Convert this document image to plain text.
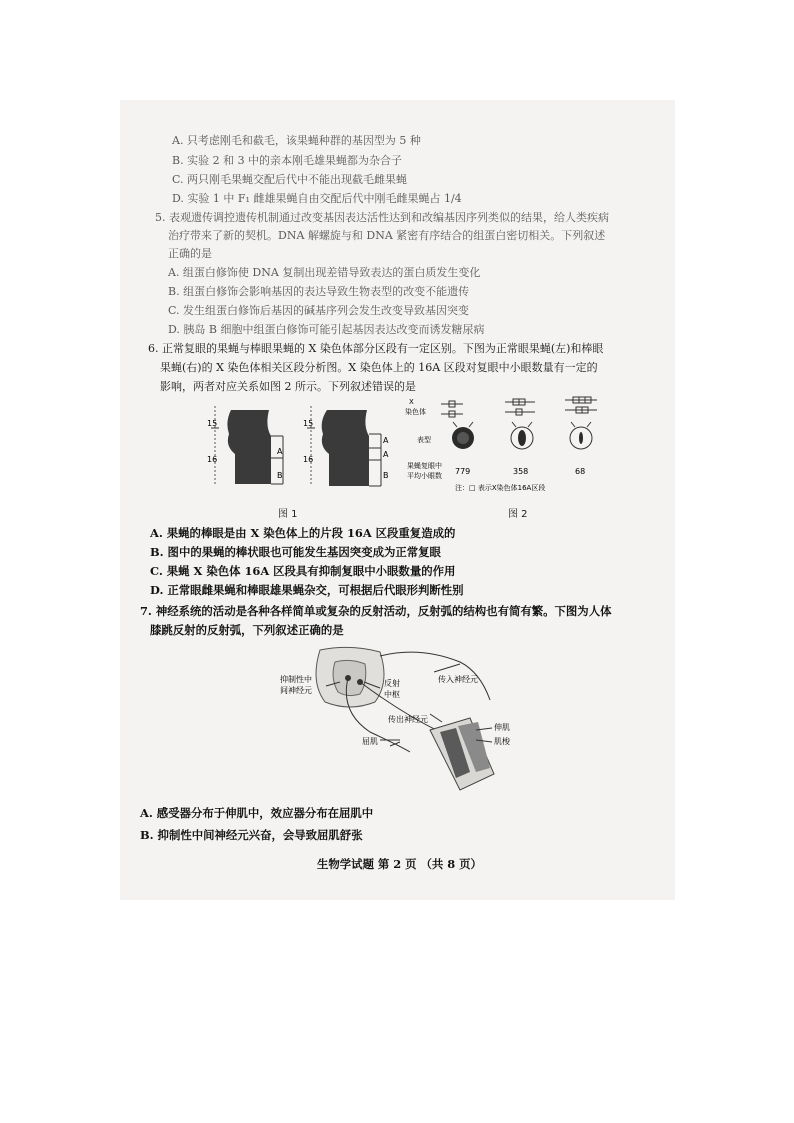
A. 只考虑刚毛和截毛，该果蝇种群的基因型为 5 种
B. 实验 2 和 3 中的亲本刚毛雄果蝇都为杂合子
C. 两只刚毛果蝇交配后代中不能出现截毛雌果蝇
D. 实验 1 中 F₁ 雌雄果蝇自由交配后代中刚毛雌果蝇占 1/4
5. 表观遗传调控遗传机制通过改变基因表达活性达到和改编基因序列类似的结果，给人类疾病
治疗带来了新的契机。DNA 解螺旋与和 DNA 紧密有序结合的组蛋白密切相关。下列叙述
正确的是
A. 组蛋白修饰使 DNA 复制出现差错导致表达的蛋白质发生变化
B. 组蛋白修饰会影响基因的表达导致生物表型的改变不能遗传
C. 发生组蛋白修饰后基因的碱基序列会发生改变导致基因突变
D. 胰岛 B 细胞中组蛋白修饰可能引起基因表达改变而诱发糖尿病
6. 正常复眼的果蝇与棒眼果蝇的 X 染色体部分区段有一定区别。下图为正常眼果蝇(左)和棒眼
果蝇(右)的 X 染色体相关区段分析图。X 染色体上的 16A 区段对复眼中小眼数量有一定的
影响，两者对应关系如图 2 所示。下列叙述错误的是
15
16
A
B
15
16
A
A
B
图 1
X
染色体
表型
果蝇复眼中
平均小眼数 779	358	68
注：□ 表示X染色体16A区段
图 2
A. 果蝇的棒眼是由 X 染色体上的片段 16A 区段重复造成的
B. 图中的果蝇的棒状眼也可能发生基因突变成为正常复眼
C. 果蝇 X 染色体 16A 区段具有抑制复眼中小眼数量的作用
D. 正常眼雌果蝇和棒眼雄果蝇杂交，可根据后代眼形判断性别
7. 神经系统的活动是各种各样简单或复杂的反射活动，反射弧的结构也有简有繁。下图为人体
膝跳反射的反射弧，下列叙述正确的是
抑制性中
间神经元
反射
中枢
传入神经元
传出神经元
伸肌
肌梭
屈肌
A. 感受器分布于伸肌中，效应器分布在屈肌中
B. 抑制性中间神经元兴奋，会导致屈肌舒张
生物学试题 第 2 页 （共 8 页）
